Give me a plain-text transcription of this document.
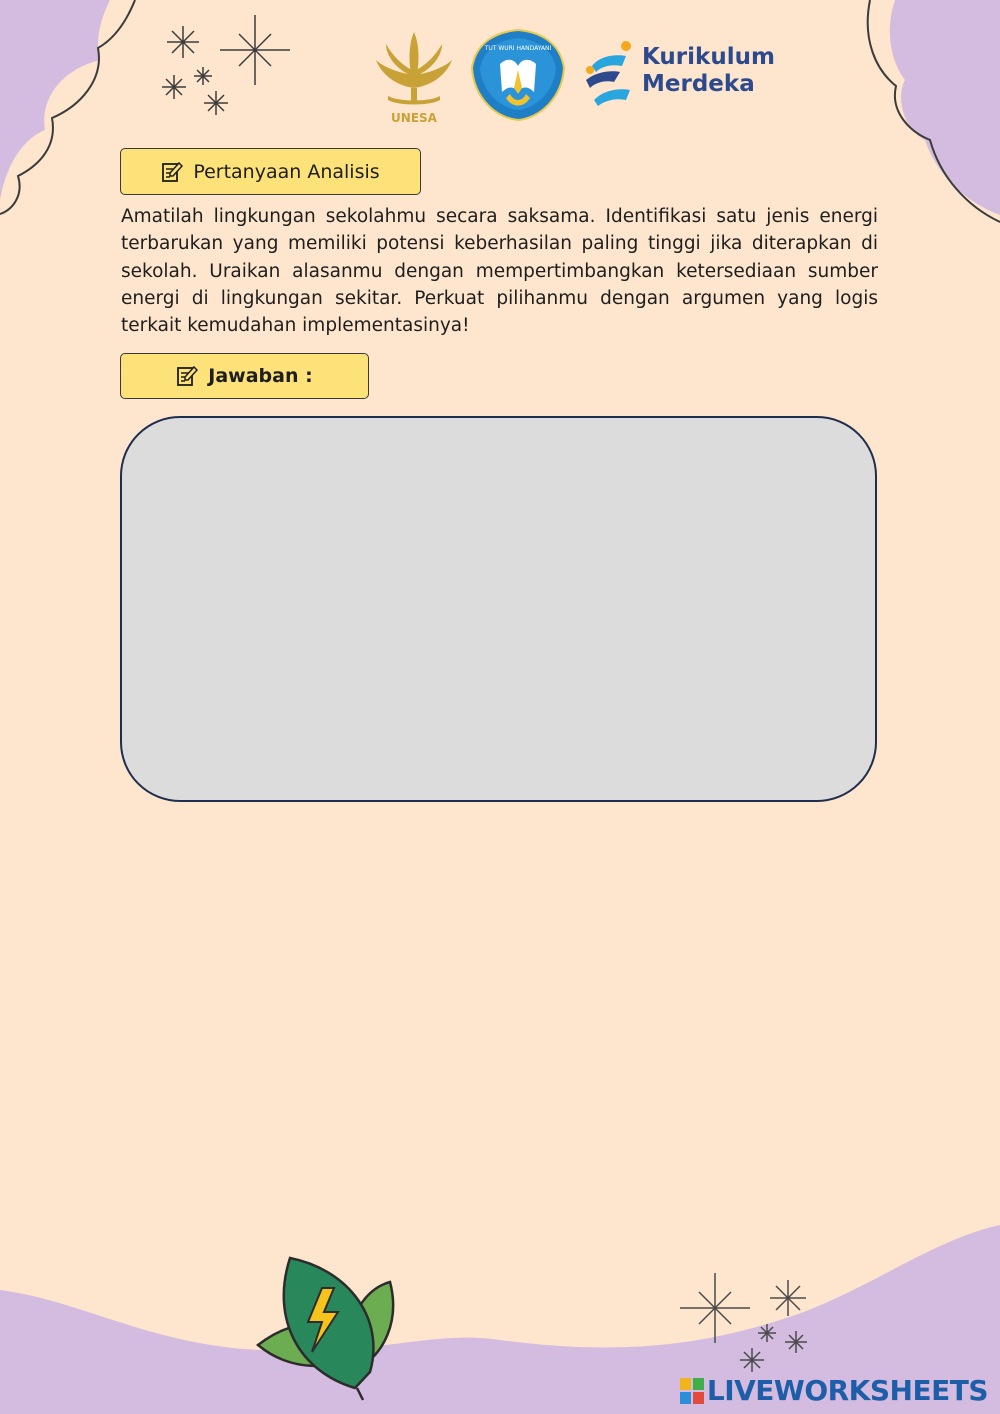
UNESA
TUT WURI HANDAYANI	Kurikulum
Merdeka
Pertanyaan Analisis
Amatilah lingkungan sekolahmu secara saksama. Identifikasi satu jenis energi terbarukan yang memiliki potensi keberhasilan paling tinggi jika diterapkan di sekolah. Uraikan alasanmu dengan mempertimbangkan ketersediaan sumber energi di lingkungan sekitar. Perkuat pilihanmu dengan argumen yang logis terkait kemudahan implementasinya!
Jawaban :
LIVEWORKSHEETS
